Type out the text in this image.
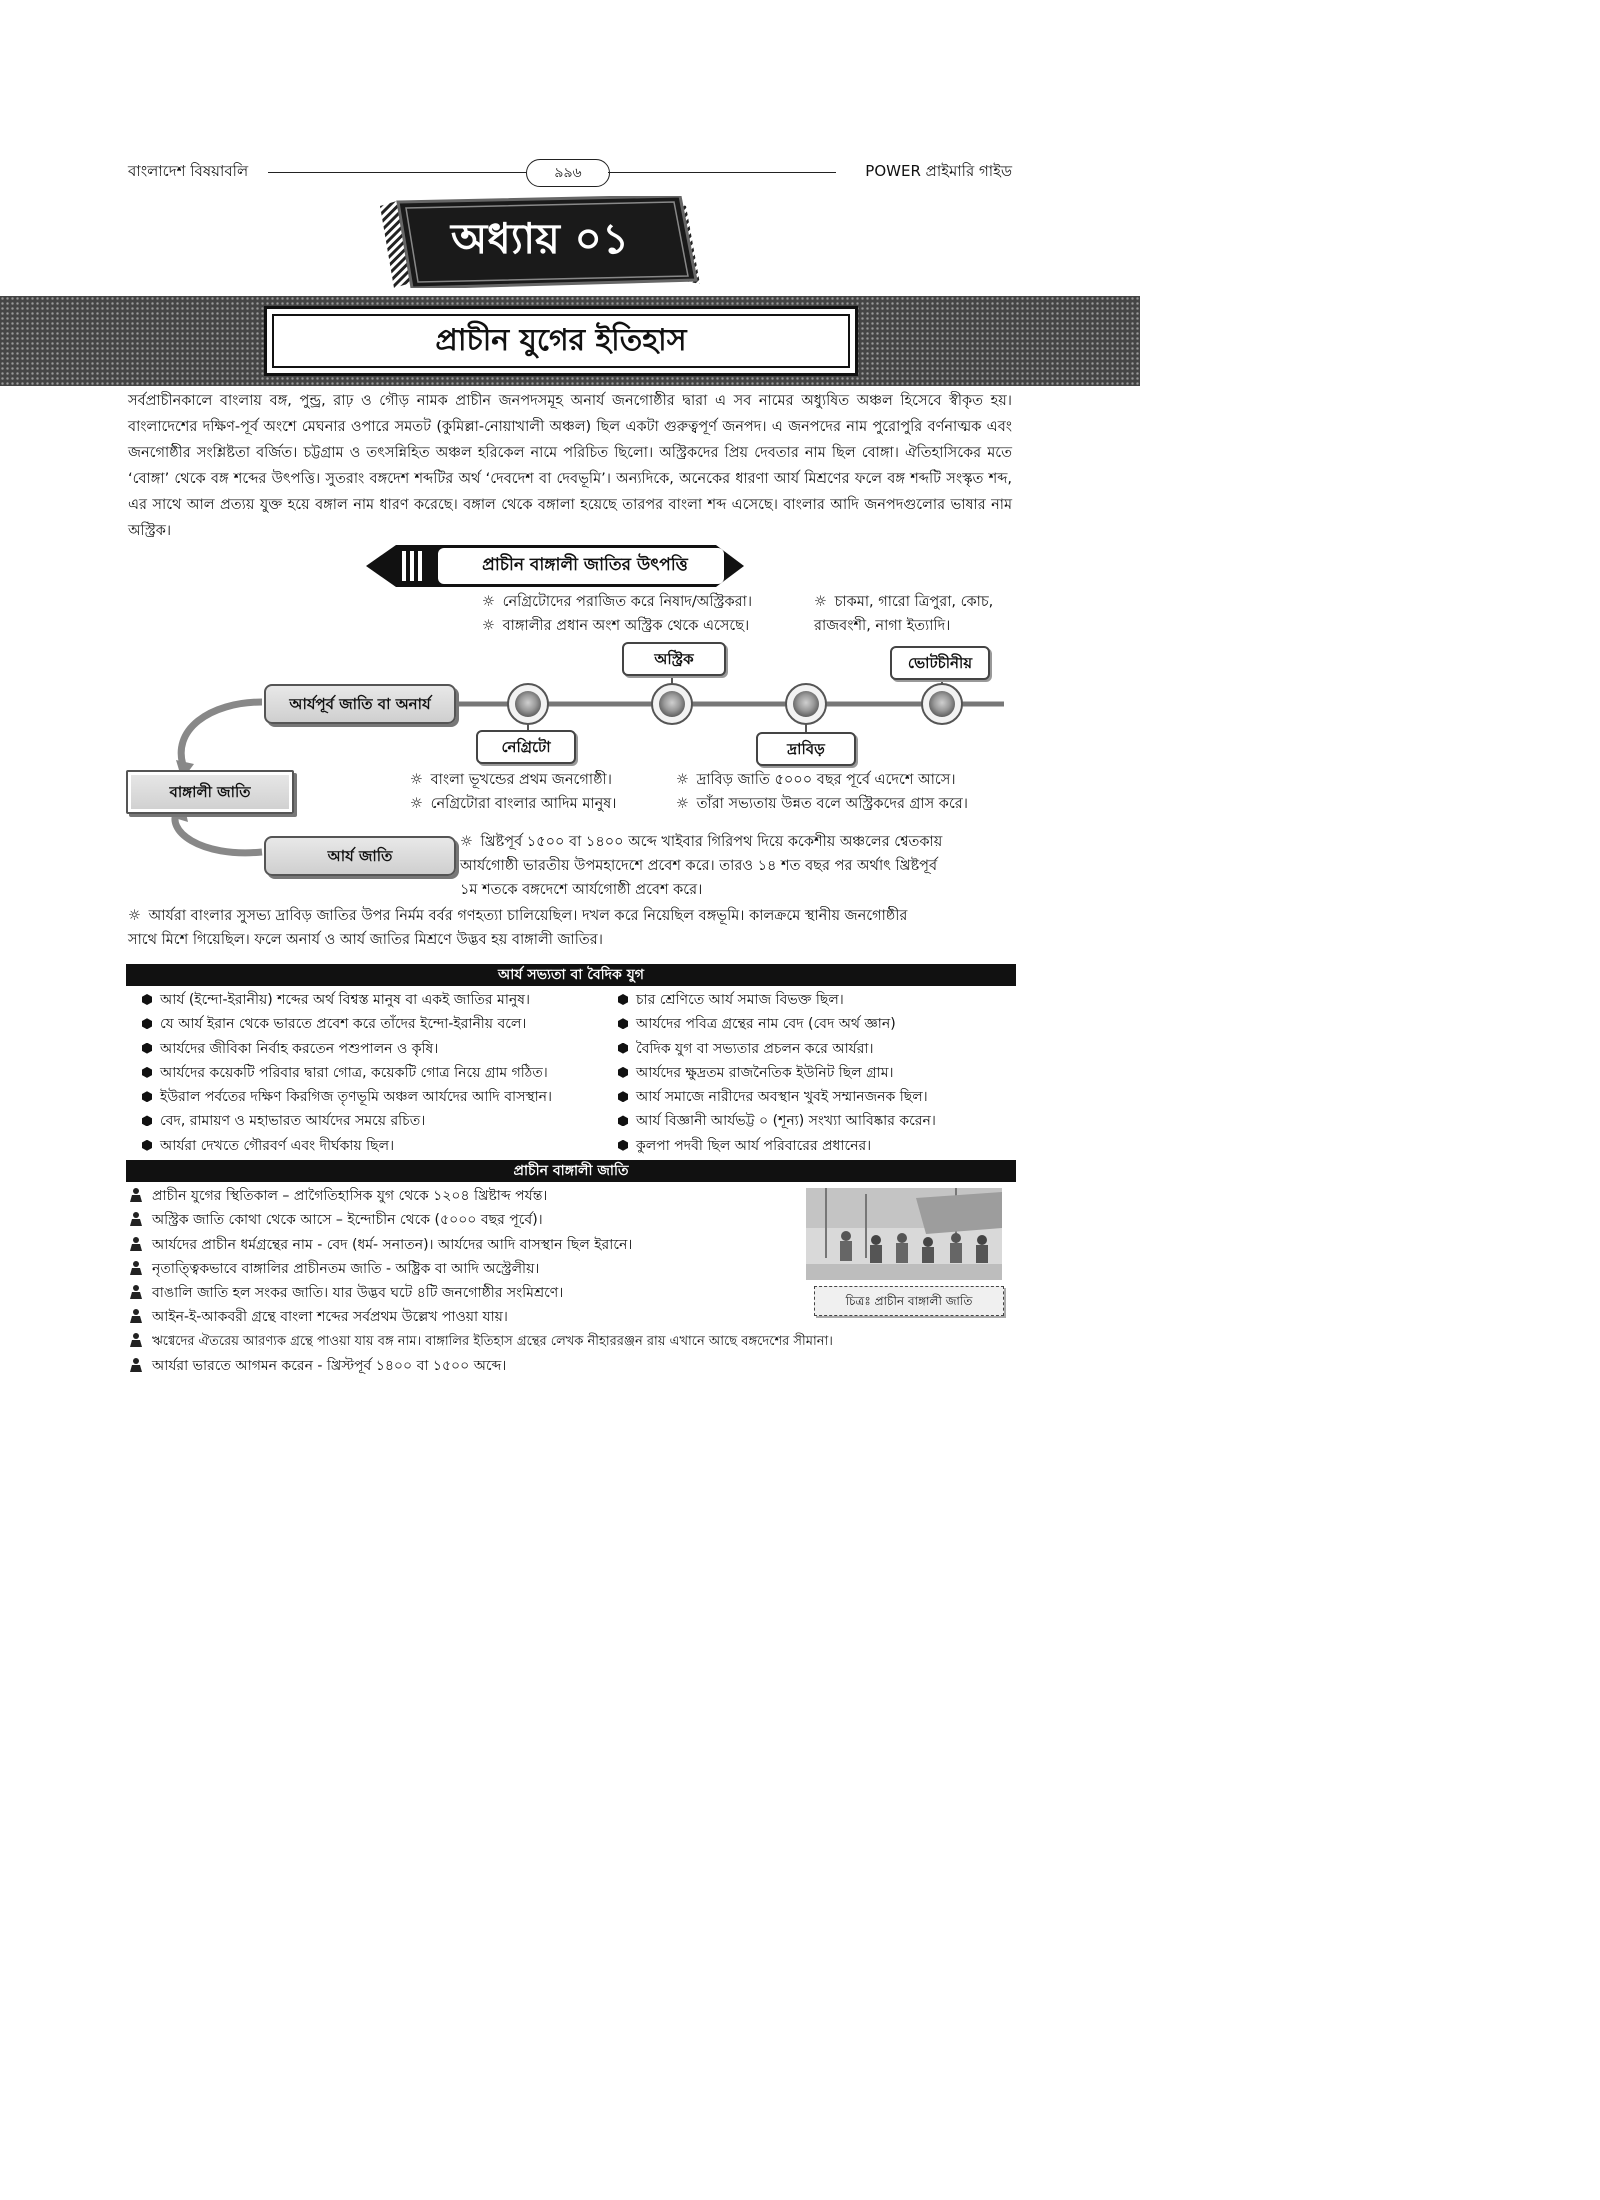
বাংলাদেশ বিষয়াবলি	৯৯৬	POWER প্রাইমারি গাইড
অধ্যায় ০১
প্রাচীন যুগের ইতিহাস
সর্বপ্রাচীনকালে বাংলায় বঙ্গ, পুন্ড্র, রাঢ় ও গৌড় নামক প্রাচীন জনপদসমূহ অনার্য জনগোষ্ঠীর দ্বারা এ সব নামের অধ্যুষিত অঞ্চল হিসেবে স্বীকৃত হয়। বাংলাদেশের দক্ষিণ-পূর্ব অংশে মেঘনার ওপারে সমতট (কুমিল্লা-নোয়াখালী অঞ্চল) ছিল একটা গুরুত্বপূর্ণ জনপদ। এ জনপদের নাম পুরোপুরি বর্ণনাত্মক এবং জনগোষ্ঠীর সংশ্লিষ্টতা বর্জিত। চট্টগ্রাম ও তৎসন্নিহিত অঞ্চল হরিকেল নামে পরিচিত ছিলো। অস্ট্রিকদের প্রিয় দেবতার নাম ছিল বোঙ্গা। ঐতিহাসিকের মতে ‘বোঙ্গা’ থেকে বঙ্গ শব্দের উৎপত্তি। সুতরাং বঙ্গদেশ শব্দটির অর্থ ‘দেবদেশ বা দেবভূমি’। অন্যদিকে, অনেকের ধারণা আর্য মিশ্রণের ফলে বঙ্গ শব্দটি সংস্কৃত শব্দ, এর সাথে আল প্রত্যয় যুক্ত হয়ে বঙ্গাল নাম ধারণ করেছে। বঙ্গাল থেকে বঙ্গালা হয়েছে তারপর বাংলা শব্দ এসেছে। বাংলার আদি জনপদগুলোর ভাষার নাম অস্ট্রিক।
প্রাচীন বাঙ্গালী জাতির উৎপত্তি
☼ নেগ্রিটোদের পরাজিত করে নিষাদ/অস্ট্রিকরা।
☼ বাঙ্গালীর প্রধান অংশ অস্ট্রিক থেকে এসেছে।
☼ চাকমা, গারো ত্রিপুরা, কোচ,
রাজবংশী, নাগা ইত্যাদি।
অস্ট্রিক	ভোটচীনীয়
নেগ্রিটো	দ্রাবিড়
আর্যপূর্ব জাতি বা অনার্য
বাঙ্গালী জাতি
আর্য জাতি
☼ বাংলা ভূখন্ডের প্রথম জনগোষ্ঠী।
☼ নেগ্রিটোরা বাংলার আদিম মানুষ।
☼ দ্রাবিড় জাতি ৫০০০ বছর পূর্বে এদেশে আসে।
☼ তাঁরা সভ্যতায় উন্নত বলে অস্ট্রিকদের গ্রাস করে।
☼ খ্রিষ্টপূর্ব ১৫০০ বা ১৪০০ অব্দে খাইবার গিরিপথ দিয়ে ককেশীয় অঞ্চলের শ্বেতকায়
আর্যগোষ্ঠী ভারতীয় উপমহাদেশে প্রবেশ করে। তারও ১৪ শত বছর পর অর্থাৎ খ্রিষ্টপূর্ব
১ম শতকে বঙ্গদেশে আর্যগোষ্ঠী প্রবেশ করে।
☼ আর্যরা বাংলার সুসভ্য দ্রাবিড় জাতির উপর নির্মম বর্বর গণহত্যা চালিয়েছিল। দখল করে নিয়েছিল বঙ্গভূমি। কালক্রমে স্থানীয় জনগোষ্ঠীর
সাথে মিশে গিয়েছিল। ফলে অনার্য ও আর্য জাতির মিশ্রণে উদ্ভব হয় বাঙ্গালী জাতির।
আর্য সভ্যতা বা বৈদিক যুগ
আর্য (ইন্দো-ইরানীয়) শব্দের অর্থ বিশ্বস্ত মানুষ বা একই জাতির মানুষ।
যে আর্য ইরান থেকে ভারতে প্রবেশ করে তাঁদের ইন্দো-ইরানীয় বলে।
আর্যদের জীবিকা নির্বাহ করতেন পশুপালন ও কৃষি।
আর্যদের কয়েকটি পরিবার দ্বারা গোত্র, কয়েকটি গোত্র নিয়ে গ্রাম গঠিত।
ইউরাল পর্বতের দক্ষিণ কিরগিজ তৃণভূমি অঞ্চল আর্যদের আদি বাসস্থান।
বেদ, রামায়ণ ও মহাভারত আর্যদের সময়ে রচিত।
আর্যরা দেখতে গৌরবর্ণ এবং দীর্ঘকায় ছিল।
চার শ্রেণিতে আর্য সমাজ বিভক্ত ছিল।
আর্যদের পবিত্র গ্রন্থের নাম বেদ (বেদ অর্থ জ্ঞান)
বৈদিক যুগ বা সভ্যতার প্রচলন করে আর্যরা।
আর্যদের ক্ষুদ্রতম রাজনৈতিক ইউনিট ছিল গ্রাম।
আর্য সমাজে নারীদের অবস্থান খুবই সম্মানজনক ছিল।
আর্য বিজ্ঞানী আর্যভট্ট ০ (শূন্য) সংখ্যা আবিষ্কার করেন।
কুলপা পদবী ছিল আর্য পরিবারের প্রধানের।
প্রাচীন বাঙ্গালী জাতি
প্রাচীন যুগের স্থিতিকাল – প্রাগৈতিহাসিক যুগ থেকে ১২০৪ খ্রিষ্টাব্দ পর্যন্ত।
অস্ট্রিক জাতি কোথা থেকে আসে – ইন্দোচীন থেকে (৫০০০ বছর পূর্বে)।
আর্যদের প্রাচীন ধর্মগ্রন্থের নাম - বেদ (ধর্ম- সনাতন)। আর্যদের আদি বাসস্থান ছিল ইরানে।
নৃতাত্ত্বিকভাবে বাঙ্গালির প্রাচীনতম জাতি - অষ্ট্রিক বা আদি অস্ট্রেলীয়।
বাঙালি জাতি হল সংকর জাতি। যার উদ্ভব ঘটে ৪টি জনগোষ্ঠীর সংমিশ্রণে।
আইন-ই-আকবরী গ্রন্থে বাংলা শব্দের সর্বপ্রথম উল্লেখ পাওয়া যায়।
ঋগ্বেদের ঐতরেয় আরণ্যক গ্রন্থে পাওয়া যায় বঙ্গ নাম। বাঙ্গালির ইতিহাস গ্রন্থের লেখক নীহাররঞ্জন রায় এখানে আছে বঙ্গদেশের সীমানা।
আর্যরা ভারতে আগমন করেন - খ্রিস্টপূর্ব ১৪০০ বা ১৫০০ অব্দে।
চিত্রঃ প্রাচীন বাঙ্গালী জাতি
